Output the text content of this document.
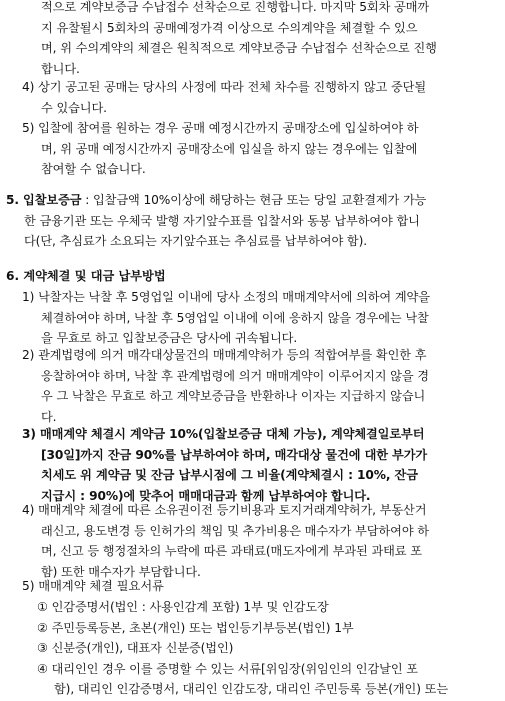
적으로 계약보증금 수납접수 선착순으로 진행합니다. 마지막 5회차 공매까
지 유찰될시 5회차의 공매예정가격 이상으로 수의계약을 체결할 수 있으
며, 위 수의계약의 체결은 원칙적으로 계약보증금 수납접수 선착순으로 진행
합니다.
4) 상기 공고된 공매는 당사의 사정에 따라 전체 차수를 진행하지 않고 중단될
수 있습니다.
5) 입찰에 참여를 원하는 경우 공매 예정시간까지 공매장소에 입실하여야 하
며, 위 공매 예정시간까지 공매장소에 입실을 하지 않는 경우에는 입찰에
참여할 수 없습니다.
5. 입찰보증금 : 입찰금액 10%이상에 해당하는 현금 또는 당일 교환결제가 가능
한 금융기관 또는 우체국 발행 자기앞수표를 입찰서와 동봉 납부하여야 합니
다(단, 추심료가 소요되는 자기앞수표는 추심료를 납부하여야 함).
6. 계약체결 및 대금 납부방법
1) 낙찰자는 낙찰 후 5영업일 이내에 당사 소정의 매매계약서에 의하여 계약을
체결하여야 하며, 낙찰 후 5영업일 이내에 이에 응하지 않을 경우에는 낙찰
을 무효로 하고 입찰보증금은 당사에 귀속됩니다.
2) 관계법령에 의거 매각대상물건의 매매계약허가 등의 적합여부를 확인한 후
응찰하여야 하며, 낙찰 후 관계법령에 의거 매매계약이 이루어지지 않을 경
우 그 낙찰은 무효로 하고 계약보증금을 반환하나 이자는 지급하지 않습니
다.
3) 매매계약 체결시 계약금 10%(입찰보증금 대체 가능), 계약체결일로부터
[30일]까지 잔금 90%를 납부하여야 하며, 매각대상 물건에 대한 부가가
치세도 위 계약금 및 잔금 납부시점에 그 비율(계약체결시 : 10%, 잔금
지급시 : 90%)에 맞추어 매매대금과 함께 납부하여야 합니다.
4) 매매계약 체결에 따른 소유권이전 등기비용과 토지거래계약허가, 부동산거
래신고, 용도변경 등 인허가의 책임 및 추가비용은 매수자가 부담하여야 하
며, 신고 등 행정절차의 누락에 따른 과태료(매도자에게 부과된 과태료 포
함) 또한 매수자가 부담합니다.
5) 매매계약 체결 필요서류
① 인감증명서(법인 : 사용인감계 포함) 1부 및 인감도장
② 주민등록등본, 초본(개인) 또는 법인등기부등본(법인) 1부
③ 신분증(개인), 대표자 신분증(법인)
④ 대리인인 경우 이를 증명할 수 있는 서류[위임장(위임인의 인감날인 포
함), 대리인 인감증명서, 대리인 인감도장, 대리인 주민등록 등본(개인) 또는
